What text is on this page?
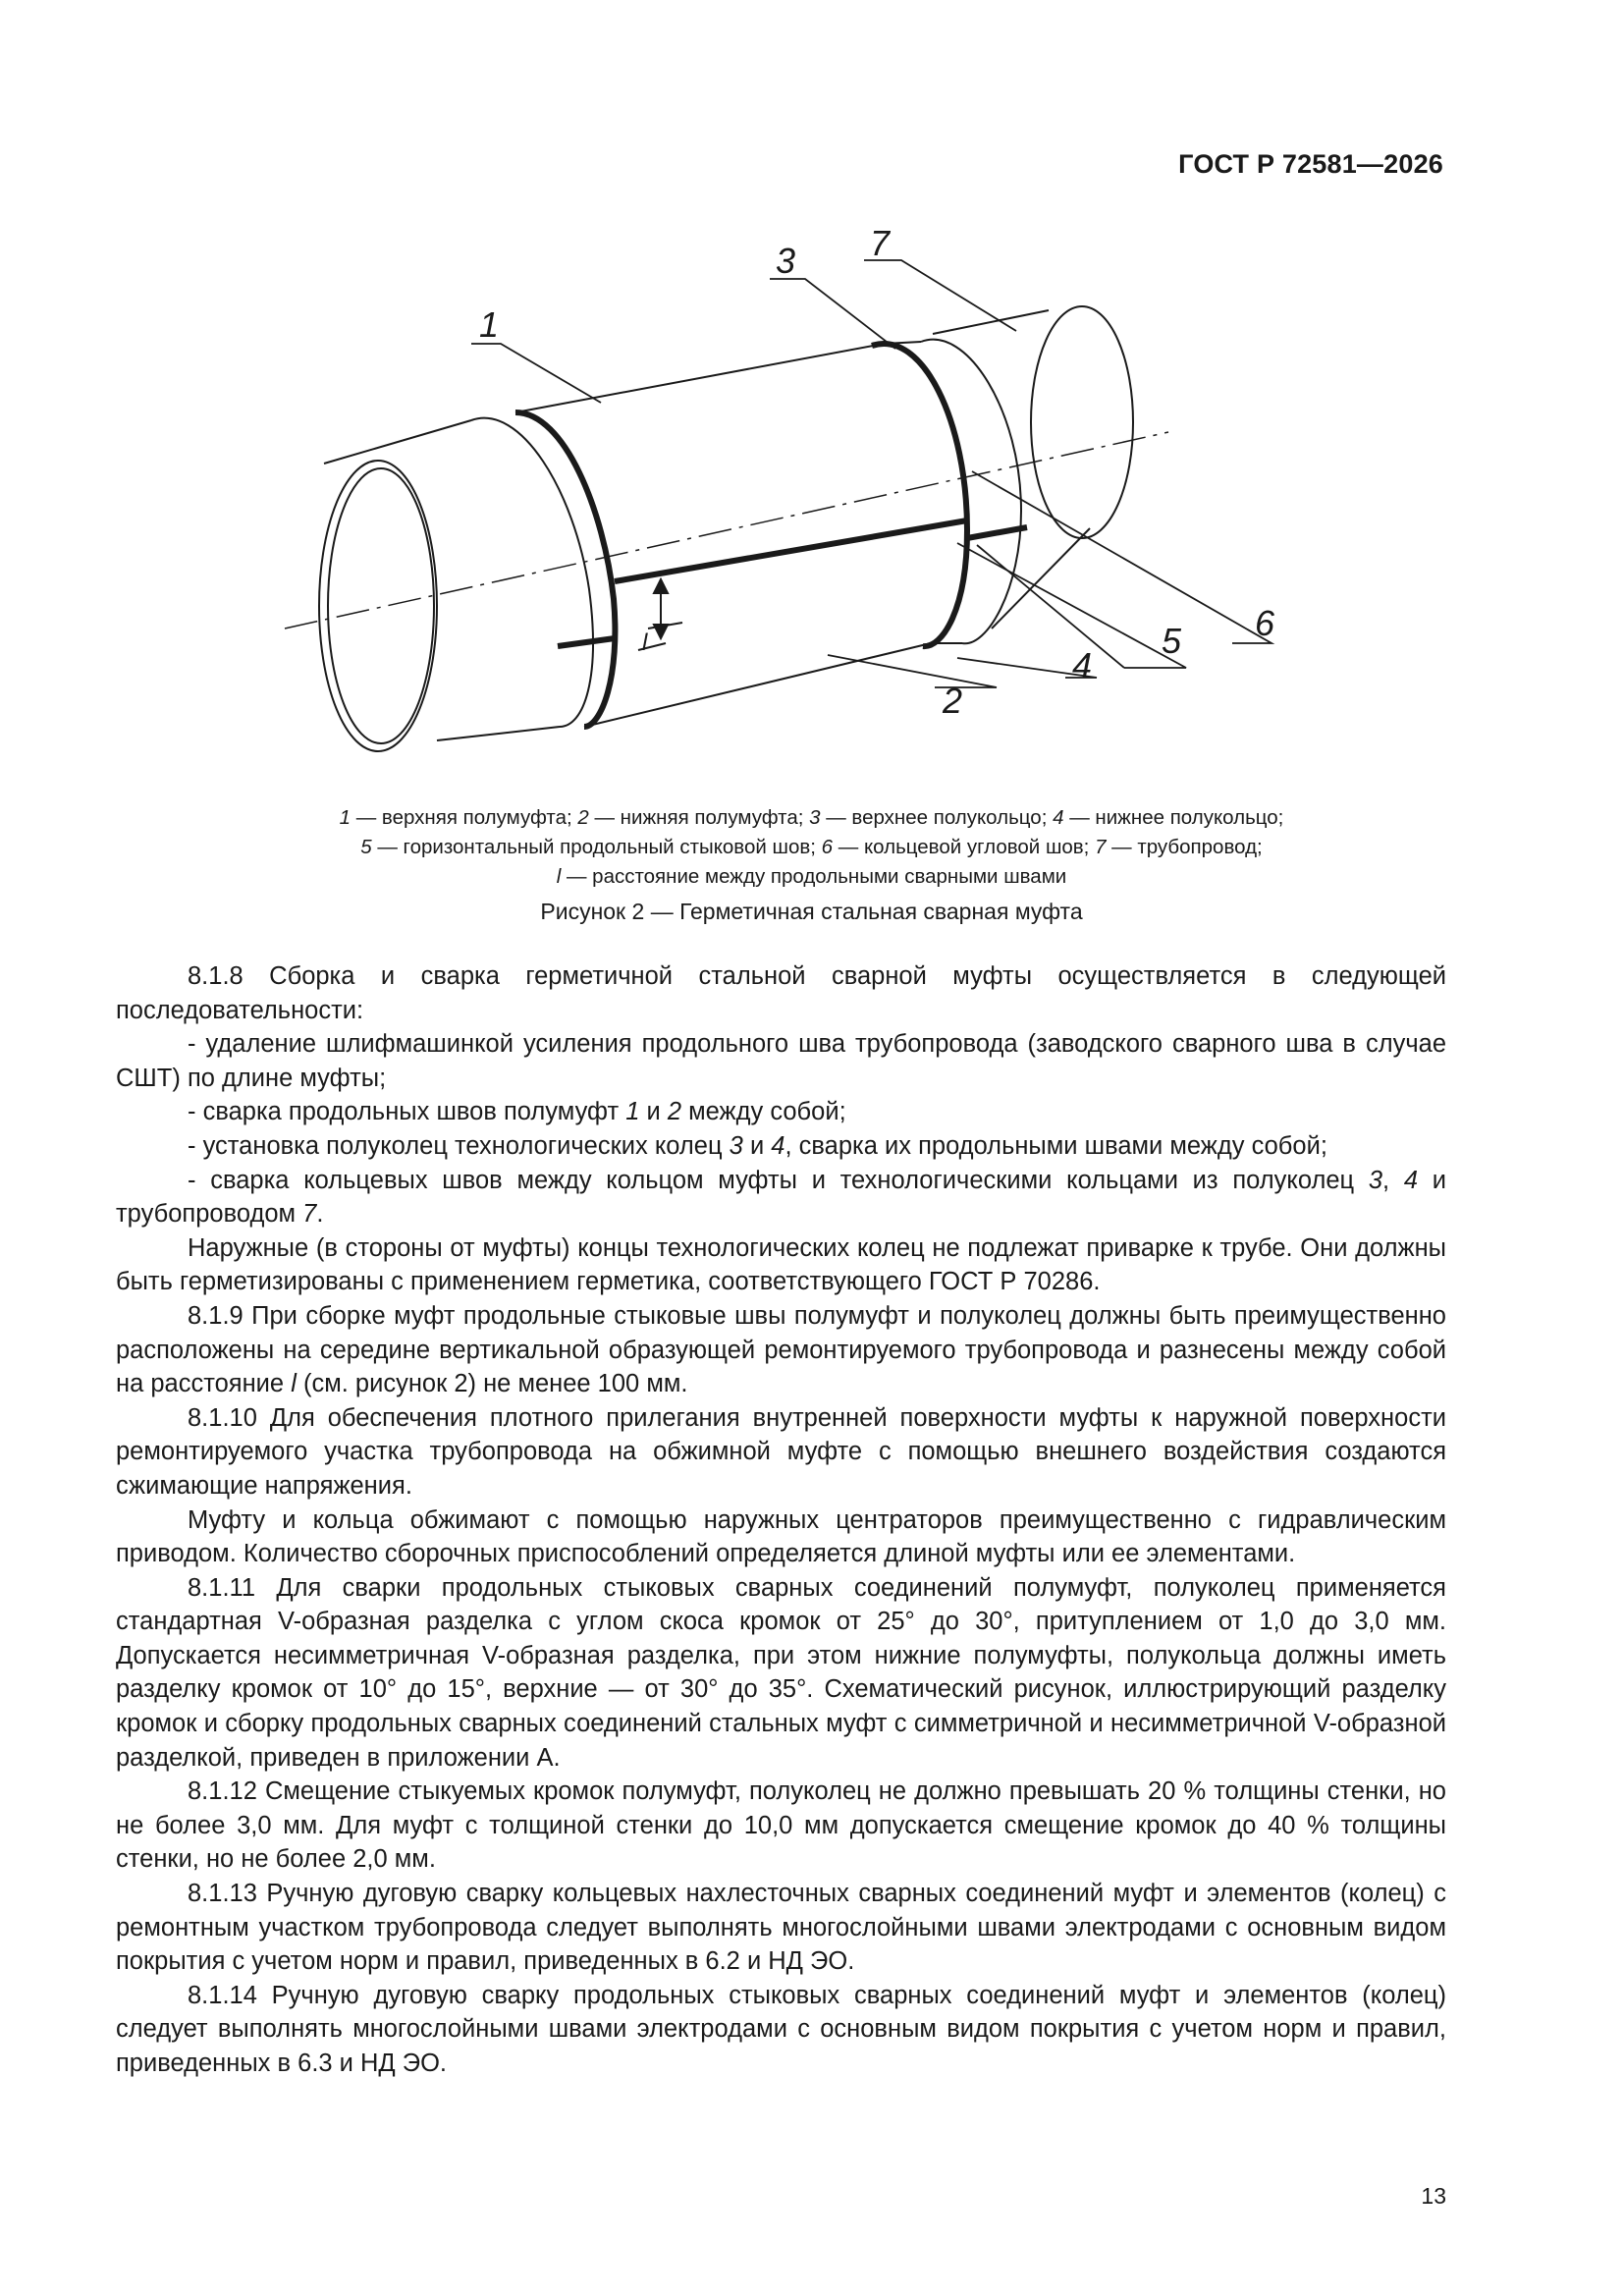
ГОСТ Р 72581—2026
1
2
3
4
5 6
7
l
1 — верхняя полумуфта; 2 — нижняя полумуфта; 3 — верхнее полукольцо; 4 — нижнее полукольцо;
5 — горизонтальный продольный стыковой шов; 6 — кольцевой угловой шов; 7 — трубопровод;
l — расстояние между продольными сварными швами
Рисунок 2 — Герметичная стальная сварная муфта

8.1.8 Сборка и сварка герметичной стальной сварной муфты осуществляется в следующей последовательности:

- удаление шлифмашинкой усиления продольного шва трубопровода (заводского сварного шва в случае СШТ) по длине муфты;

- сварка продольных швов полумуфт 1 и 2 между собой;

- установка полуколец технологических колец 3 и 4, сварка их продольными швами между собой;

- сварка кольцевых швов между кольцом муфты и технологическими кольцами из полуколец 3, 4 и трубопроводом 7.

Наружные (в стороны от муфты) концы технологических колец не подлежат приварке к трубе. Они должны быть герметизированы с применением герметика, соответствующего ГОСТ Р 70286.

8.1.9 При сборке муфт продольные стыковые швы полумуфт и полуколец должны быть преимущественно расположены на середине вертикальной образующей ремонтируемого трубопровода и разнесены между собой на расстояние l (см. рисунок 2) не менее 100 мм.

8.1.10 Для обеспечения плотного прилегания внутренней поверхности муфты к наружной поверхности ремонтируемого участка трубопровода на обжимной муфте с помощью внешнего воздействия создаются сжимающие напряжения.

Муфту и кольца обжимают с помощью наружных центраторов преимущественно с гидравлическим приводом. Количество сборочных приспособлений определяется длиной муфты или ее элементами.

8.1.11 Для сварки продольных стыковых сварных соединений полумуфт, полуколец применяется стандартная V-образная разделка с углом скоса кромок от 25° до 30°, притуплением от 1,0 до 3,0 мм. Допускается несимметричная V-образная разделка, при этом нижние полумуфты, полукольца должны иметь разделку кромок от 10° до 15°, верхние — от 30° до 35°. Схематический рисунок, иллюстрирующий разделку кромок и сборку продольных сварных соединений стальных муфт с симметричной и несимметричной V-образной разделкой, приведен в приложении А.

8.1.12 Смещение стыкуемых кромок полумуфт, полуколец не должно превышать 20 % толщины стенки, но не более 3,0 мм. Для муфт с толщиной стенки до 10,0 мм допускается смещение кромок до 40 % толщины стенки, но не более 2,0 мм.

8.1.13 Ручную дуговую сварку кольцевых нахлесточных сварных соединений муфт и элементов (колец) с ремонтным участком трубопровода следует выполнять многослойными швами электродами с основным видом покрытия с учетом норм и правил, приведенных в 6.2 и НД ЭО.

8.1.14 Ручную дуговую сварку продольных стыковых сварных соединений муфт и элементов (колец) следует выполнять многослойными швами электродами с основным видом покрытия с учетом норм и правил, приведенных в 6.3 и НД ЭО.

13
